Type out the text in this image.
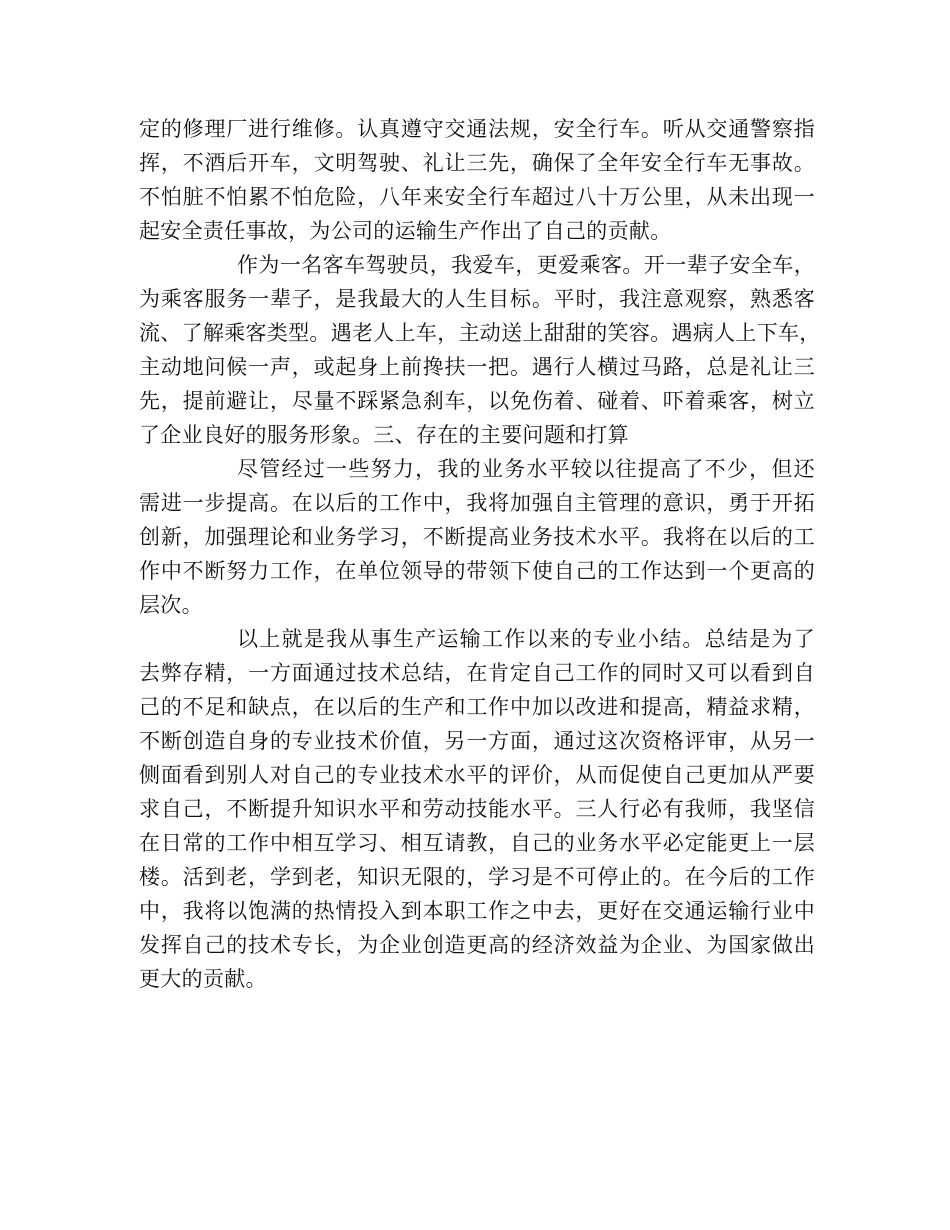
定的修理厂进行维修。认真遵守交通法规，安全行车。听从交通警察指
挥，不酒后开车，文明驾驶、礼让三先，确保了全年安全行车无事故。
不怕脏不怕累不怕危险，八年来安全行车超过八十万公里，从未出现一
起安全责任事故，为公司的运输生产作出了自己的贡献。
作为一名客车驾驶员，我爱车，更爱乘客。开一辈子安全车，
为乘客服务一辈子，是我最大的人生目标。平时，我注意观察，熟悉客
流、了解乘客类型。遇老人上车，主动送上甜甜的笑容。遇病人上下车，
主动地问候一声，或起身上前搀扶一把。遇行人横过马路，总是礼让三
先，提前避让，尽量不踩紧急刹车，以免伤着、碰着、吓着乘客，树立
了企业良好的服务形象。三、存在的主要问题和打算
尽管经过一些努力，我的业务水平较以往提高了不少，但还
需进一步提高。在以后的工作中，我将加强自主管理的意识，勇于开拓
创新，加强理论和业务学习，不断提高业务技术水平。我将在以后的工
作中不断努力工作，在单位领导的带领下使自己的工作达到一个更高的
层次。
以上就是我从事生产运输工作以来的专业小结。总结是为了
去弊存精，一方面通过技术总结，在肯定自己工作的同时又可以看到自
己的不足和缺点，在以后的生产和工作中加以改进和提高，精益求精，
不断创造自身的专业技术价值，另一方面，通过这次资格评审，从另一
侧面看到别人对自己的专业技术水平的评价，从而促使自己更加从严要
求自己，不断提升知识水平和劳动技能水平。三人行必有我师，我坚信
在日常的工作中相互学习、相互请教，自己的业务水平必定能更上一层
楼。活到老，学到老，知识无限的，学习是不可停止的。在今后的工作
中，我将以饱满的热情投入到本职工作之中去，更好在交通运输行业中
发挥自己的技术专长，为企业创造更高的经济效益为企业、为国家做出
更大的贡献。
